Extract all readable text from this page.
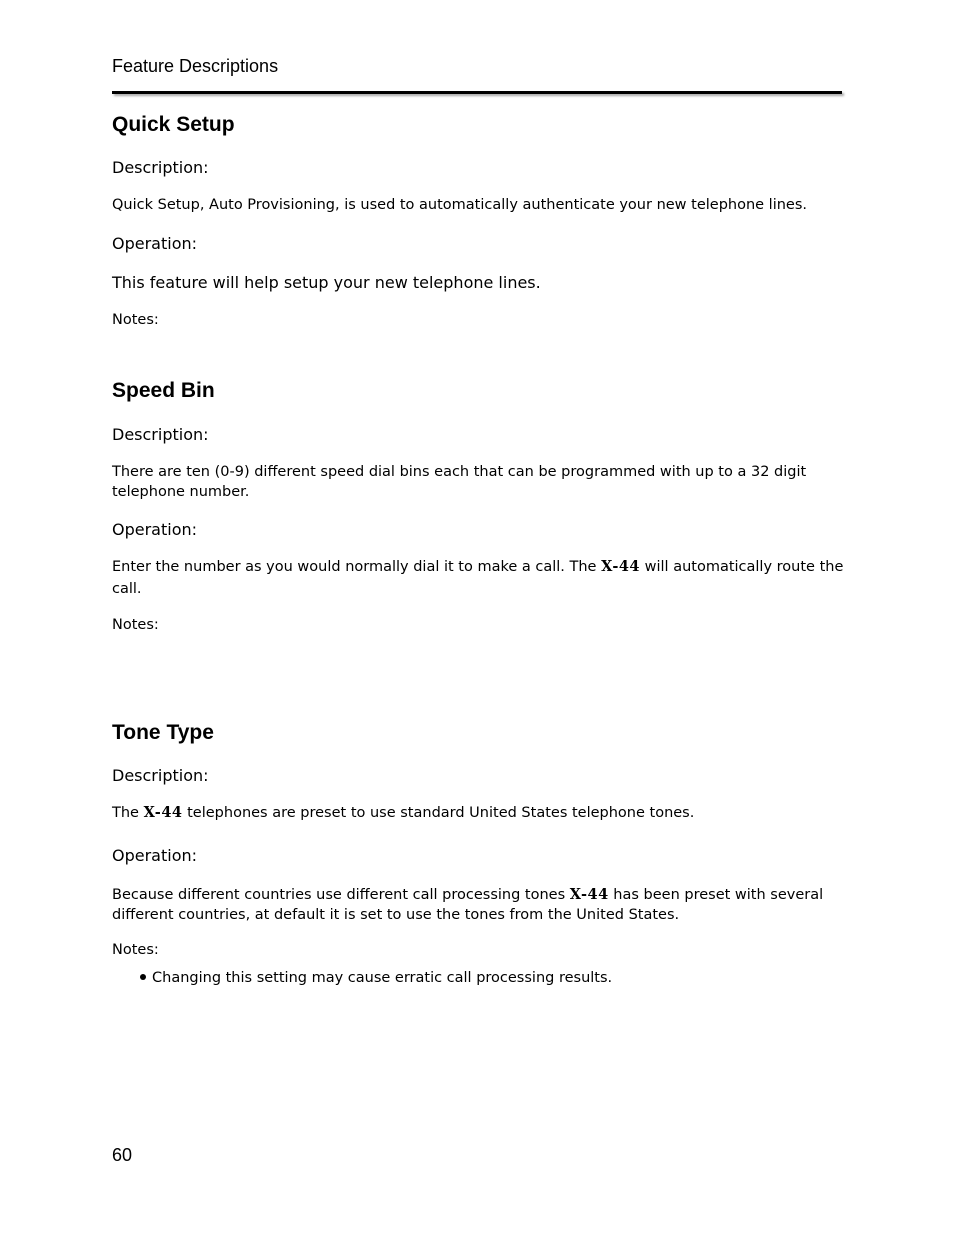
Feature Descriptions
Quick Setup
Description:
Quick Setup, Auto Provisioning, is used to automatically authenticate your new telephone lines.
Operation:
This feature will help setup your new telephone lines.
Notes:
Speed Bin
Description:
There are ten (0-9) different speed dial bins each that can be programmed with up to a 32 digit
telephone number.
Operation:
Enter the number as you would normally dial it to make a call. The X-44 will automatically route the
call.
Notes:
Tone Type
Description:
The X-44 telephones are preset to use standard United States telephone tones.
Operation:
Because different countries use different call processing tones X-44 has been preset with several
different countries, at default it is set to use the tones from the United States.
Notes:
Changing this setting may cause erratic call processing results.
60
